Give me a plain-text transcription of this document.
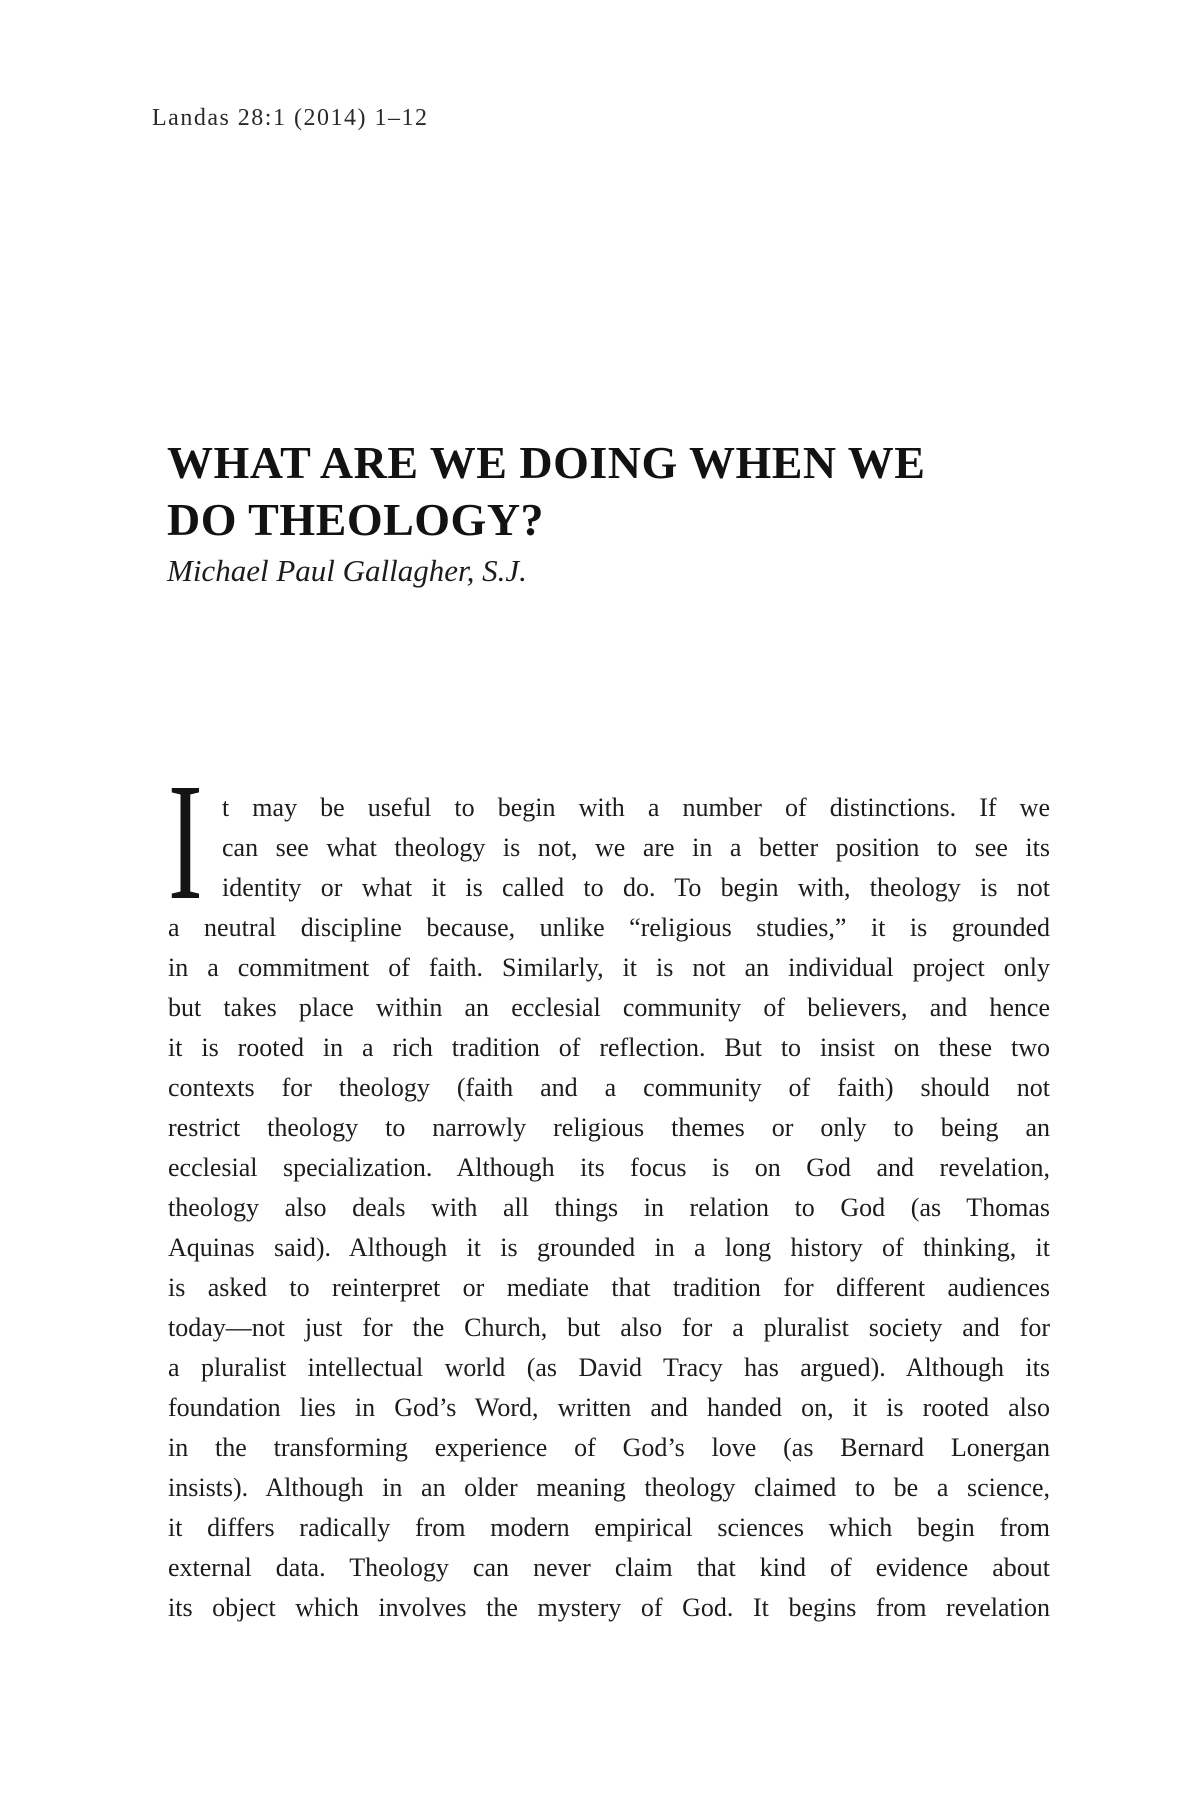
Landas 28:1 (2014) 1–12
WHAT ARE WE DOING WHEN WE
DO THEOLOGY?
Michael Paul Gallagher, S.J.
I t may be useful to begin with a number of distinctions. If we
can see what theology is not, we are in a better position to see its
identity or what it is called to do. To begin with, theology is not
a neutral discipline because, unlike “religious studies,” it is grounded
in a commitment of faith. Similarly, it is not an individual project only
but takes place within an ecclesial community of believers, and hence
it is rooted in a rich tradition of reflection. But to insist on these two
contexts for theology (faith and a community of faith) should not
restrict theology to narrowly religious themes or only to being an
ecclesial specialization. Although its focus is on God and revelation,
theology also deals with all things in relation to God (as Thomas
Aquinas said). Although it is grounded in a long history of thinking, it
is asked to reinterpret or mediate that tradition for different audiences
today—not just for the Church, but also for a pluralist society and for
a pluralist intellectual world (as David Tracy has argued). Although its
foundation lies in God’s Word, written and handed on, it is rooted also
in the transforming experience of God’s love (as Bernard Lonergan
insists). Although in an older meaning theology claimed to be a science,
it differs radically from modern empirical sciences which begin from
external data. Theology can never claim that kind of evidence about
its object which involves the mystery of God. It begins from revelation
